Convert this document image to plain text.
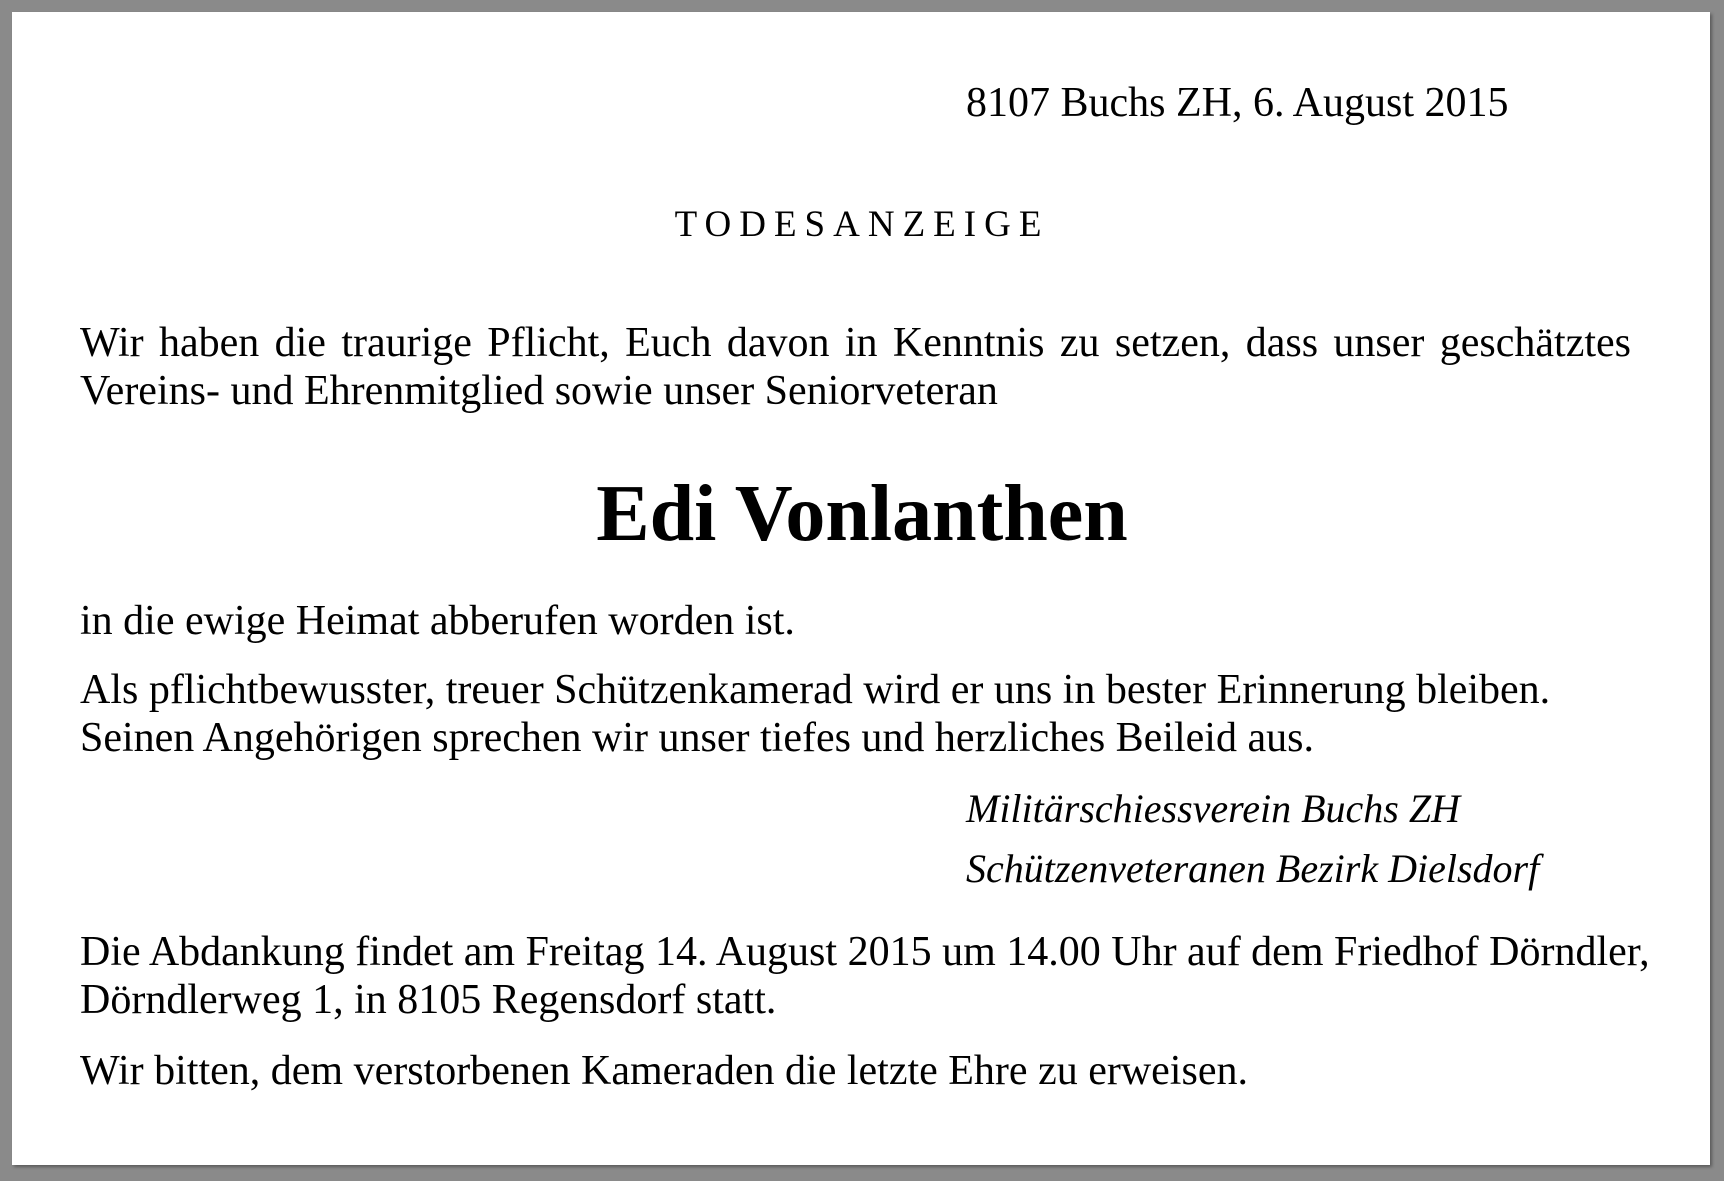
8107 Buchs ZH, 6. August 2015
TODESANZEIGE
Wir haben die traurige Pflicht, Euch davon in Kenntnis zu setzen, dass unser geschätztes
Vereins- und Ehrenmitglied sowie unser Seniorveteran
Edi Vonlanthen
in die ewige Heimat abberufen worden ist.
Als pflichtbewusster, treuer Schützenkamerad wird er uns in bester Erinnerung bleiben.
Seinen Angehörigen sprechen wir unser tiefes und herzliches Beileid aus.
Militärschiessverein Buchs ZH
Schützenveteranen Bezirk Dielsdorf
Die Abdankung findet am Freitag 14. August 2015 um 14.00 Uhr auf dem Friedhof Dörndler,
Dörndlerweg 1, in 8105 Regensdorf statt.
Wir bitten, dem verstorbenen Kameraden die letzte Ehre zu erweisen.
